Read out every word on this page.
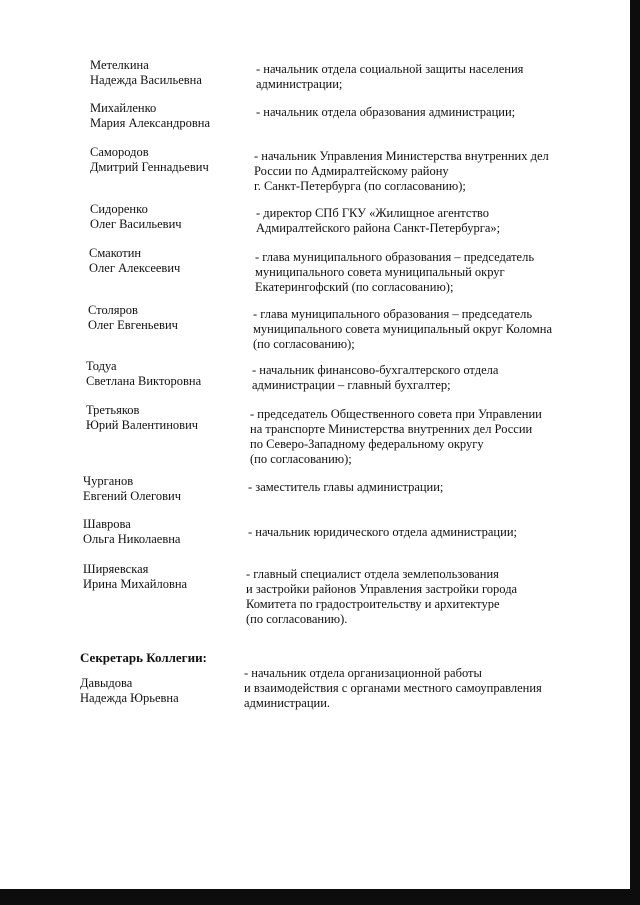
Метелкина
Надежда Васильевна
- начальник отдела социальной защиты населения
администрации;
Михайленко
Мария Александровна
- начальник отдела образования администрации;
Самородов
Дмитрий Геннадьевич
- начальник Управления Министерства внутренних дел
России по Адмиралтейскому району
г. Санкт-Петербурга (по согласованию);
Сидоренко
Олег Васильевич
- директор СПб ГКУ «Жилищное агентство
Адмиралтейского района Санкт-Петербурга»;
Смакотин
Олег Алексеевич
- глава муниципального образования – председатель
муниципального совета муниципальный округ
Екатерингофский (по согласованию);
Столяров
Олег Евгеньевич
- глава муниципального образования – председатель
муниципального совета муниципальный округ Коломна
(по согласованию);
Тодуа
Светлана Викторовна
- начальник финансово-бухгалтерского отдела
администрации – главный бухгалтер;
Третьяков
Юрий Валентинович
- председатель Общественного совета при Управлении
на транспорте Министерства внутренних дел России
по Северо-Западному федеральному округу
(по согласованию);
Чурганов
Евгений Олегович
- заместитель главы администрации;
Шаврова
Ольга Николаевна	- начальник юридического отдела администрации;
Ширяевская
Ирина Михайловна
- главный специалист отдела землепользования
и застройки районов Управления застройки города
Комитета по градостроительству и архитектуре
(по согласованию).
Секретарь Коллегии:
Давыдова
Надежда Юрьевна
- начальник отдела организационной работы
и взаимодействия с органами местного самоуправления
администрации.
